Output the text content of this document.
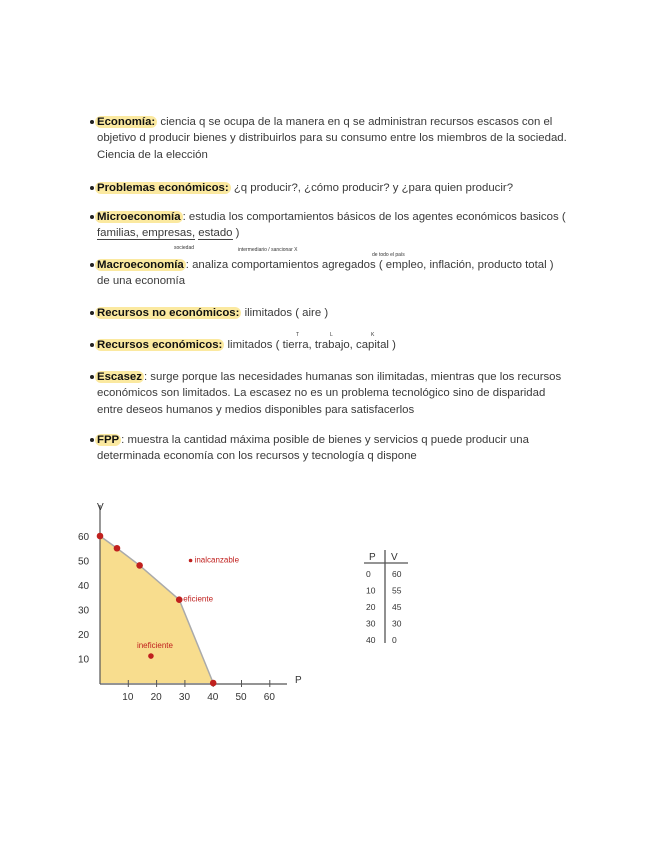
Economía: ciencia q se ocupa de la manera en q se administran recursos escasos con el objetivo d producir bienes y distribuirlos para su consumo entre los miembros de la sociedad. Ciencia de la elección
Problemas económicos: ¿q producir?, ¿cómo producir? y ¿para quien producir?
Microeconomía : estudia los comportamientos básicos de los agentes económicos basicos ( familias, empresas, estado )
sociedad	intermediario / sancionar X
de todo el país
Macroeconomía : analiza comportamientos agregados ( empleo, inflación, producto total ) de una economía
Recursos no económicos: ilimitados ( aire )
T	L	K
Recursos económicos: limitados ( tierra, trabajo, capital )
Escasez : surge porque las necesidades humanas son ilimitadas, mientras que los recursos económicos son limitados. La escasez no es un problema tecnológico sino de disparidad entre deseos humanos y medios disponibles para satisfacerlos
FPP : muestra la cantidad máxima posible de bienes y servicios q puede producir una determinada economía con los recursos y tecnología q dispone
V
P
10 20 30 40 50 60
60
50
40
30
20
10
inalcanzable
eficiente
ineficiente
P V
0	60
10 55
20 45
30 30
40 0
